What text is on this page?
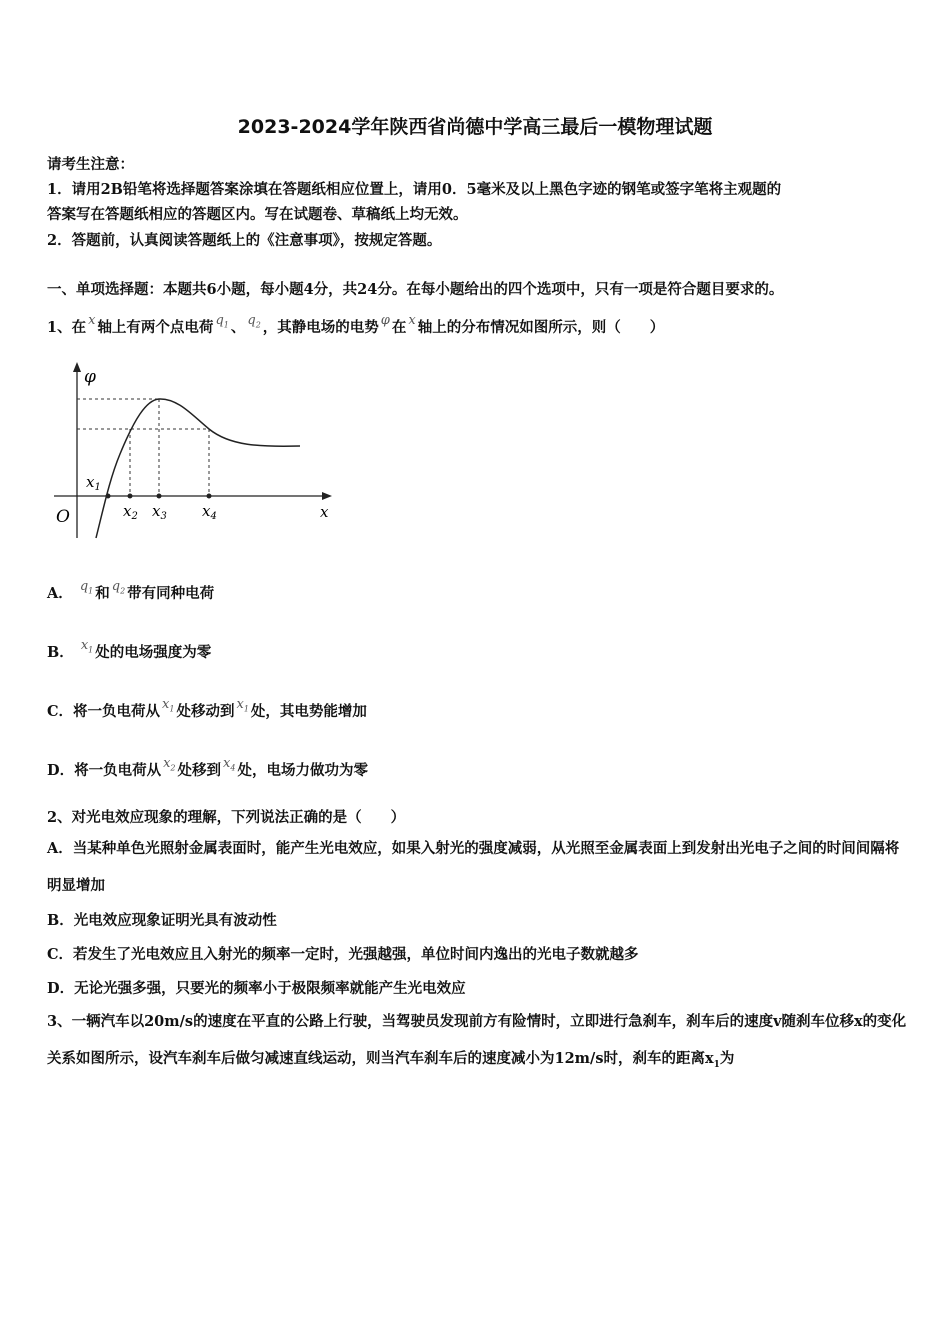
2023-2024学年陕西省尚德中学高三最后一模物理试题
请考生注意：
1．请用2B铅笔将选择题答案涂填在答题纸相应位置上，请用0．5毫米及以上黑色字迹的钢笔或签字笔将主观题的
答案写在答题纸相应的答题区内。写在试题卷、草稿纸上均无效。
2．答题前，认真阅读答题纸上的《注意事项》，按规定答题。
一、单项选择题：本题共6小题，每小题4分，共24分。在每小题给出的四个选项中，只有一项是符合题目要求的。
1、在 x 轴上有两个点电荷 $q_1$ 、 $q_2$ ，其静电场的电势 φ 在 x 轴上的分布情况如图所示，则（　　）
φ
O	x
$x_1$
$x_2$ $x_3$ $x_4$
A． $q_1$ 和 $q_2$ 带有同种电荷
B． $x_1$ 处的电场强度为零
C．将一负电荷从 $x_1$ 处移动到 $x_1$ 处，其电势能增加
D．将一负电荷从 $x_2$ 处移到 $x_4$ 处，电场力做功为零
2、对光电效应现象的理解，下列说法正确的是（　　）
A．当某种单色光照射金属表面时，能产生光电效应，如果入射光的强度减弱，从光照至金属表面上到发射出光电子之间的时间间隔将明显增加
B．光电效应现象证明光具有波动性
C．若发生了光电效应且入射光的频率一定时，光强越强，单位时间内逸出的光电子数就越多
D．无论光强多强，只要光的频率小于极限频率就能产生光电效应
3、一辆汽车以20m/s的速度在平直的公路上行驶，当驾驶员发现前方有险情时，立即进行急刹车，刹车后的速度v随刹车位移x的变化关系如图所示，设汽车刹车后做匀减速直线运动，则当汽车刹车后的速度减小为12m/s时，刹车的距离$x_1$为
